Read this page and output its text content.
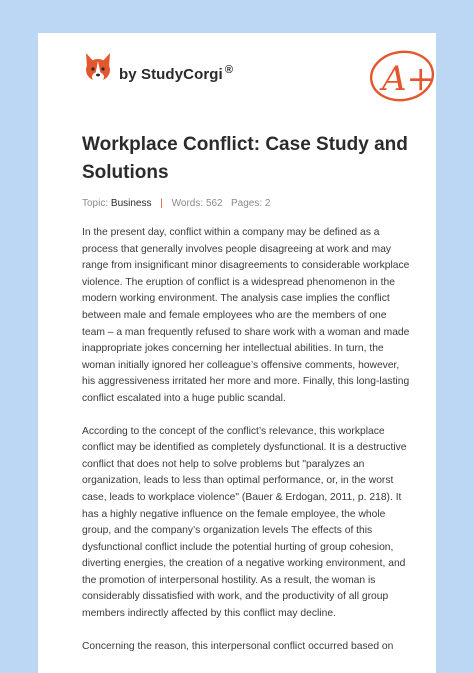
by StudyCorgi ®	A+
Workplace Conflict: Case Study and Solutions
Topic: Business | Words: 562 Pages: 2

In the present day, conflict within a company may be defined as a process that generally involves people disagreeing at work and may range from insignificant minor disagreements to considerable workplace violence. The eruption of conflict is a widespread phenomenon in the modern working environment. The analysis case implies the conflict between male and female employees who are the members of one team – a man frequently refused to share work with a woman and made inappropriate jokes concerning her intellectual abilities. In turn, the woman initially ignored her colleague’s offensive comments, however, his aggressiveness irritated her more and more. Finally, this long-lasting conflict escalated into a huge public scandal.

According to the concept of the conflict’s relevance, this workplace conflict may be identified as completely dysfunctional. It is a destructive conflict that does not help to solve problems but "paralyzes an organization, leads to less than optimal performance, or, in the worst case, leads to workplace violence" (Bauer & Erdogan, 2011, p. 218). It has a highly negative influence on the female employee, the whole group, and the company’s organization levels The effects of this dysfunctional conflict include the potential hurting of group cohesion, diverting energies, the creation of a negative working environment, and the promotion of interpersonal hostility. As a result, the woman is considerably dissatisfied with work, and the productivity of all group members indirectly affected by this conflict may decline.

Concerning the reason, this interpersonal conflict occurred based on
